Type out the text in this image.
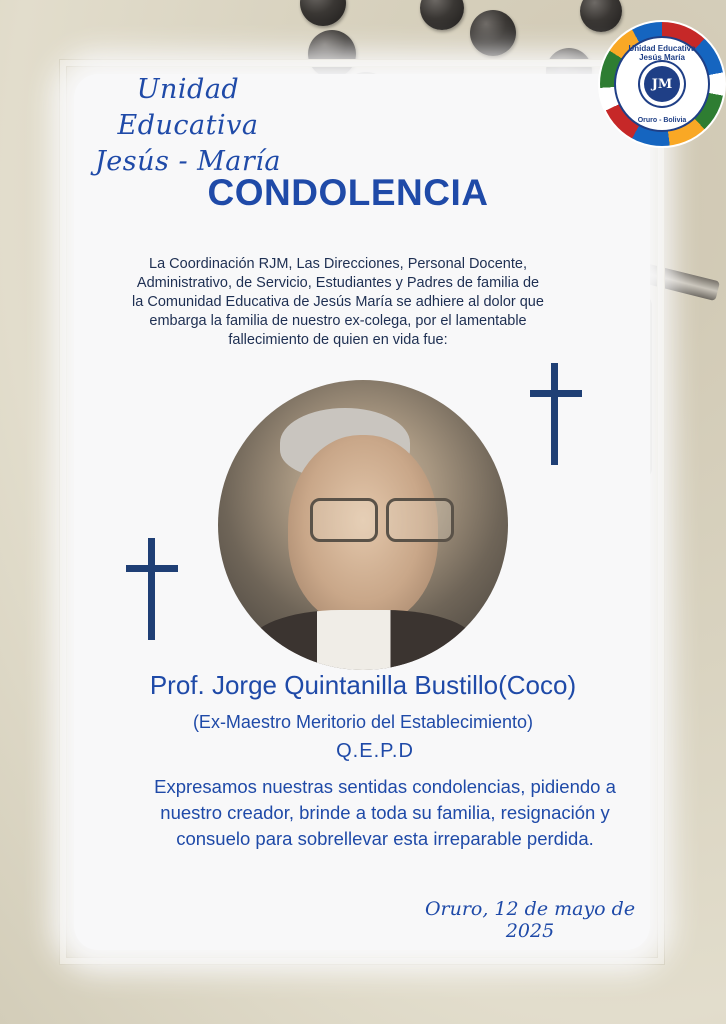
Unidad Educativa Jesús María
JM
Oruro - Bolivia
Unidad Educativa
Jesús - María
CONDOLENCIA
La Coordinación RJM, Las Direcciones, Personal Docente,
Administrativo, de Servicio, Estudiantes y Padres de familia de
la Comunidad Educativa de Jesús María se adhiere al dolor que
embarga la familia de nuestro ex-colega, por el lamentable
fallecimiento de quien en vida fue:
Prof. Jorge Quintanilla Bustillo(Coco)
(Ex-Maestro Meritorio del Establecimiento)
Q.E.P.D
Expresamos nuestras sentidas condolencias, pidiendo a
nuestro creador, brinde a toda su familia, resignación y
consuelo para sobrellevar esta irreparable perdida.
Oruro, 12 de mayo de 2025
